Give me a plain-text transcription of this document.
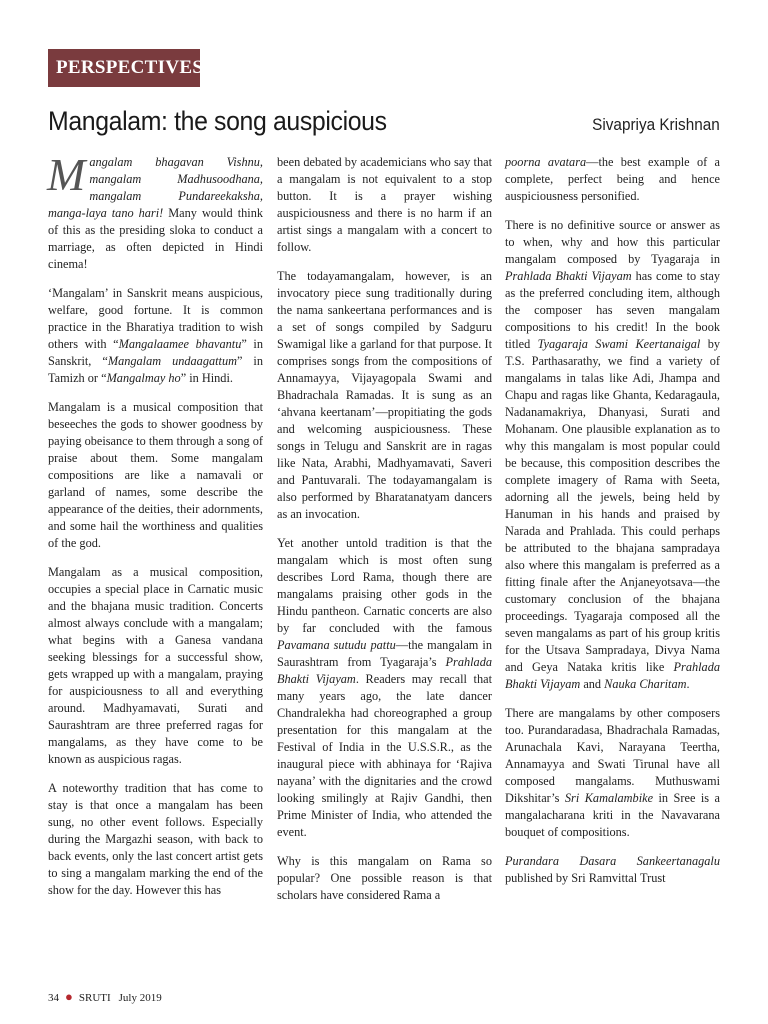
PERSPECTIVES
Mangalam: the song auspicious	Sivapriya Krishnan

Mangalam bhagavan Vishnu, mangalam Madhusoodhana, mangalam Pundareekaksha, manga-laya tano hari! Many would think of this as the presiding sloka to conduct a marriage, as often depicted in Hindi cinema!

‘Mangalam’ in Sanskrit means auspicious, welfare, good fortune. It is common practice in the Bharatiya tradition to wish others with “Mangalaamee bhavantu” in Sanskrit, “Mangalam undaagattum” in Tamizh or “Mangalmay ho” in Hindi.

Mangalam is a musical composition that beseeches the gods to shower goodness by paying obeisance to them through a song of praise about them. Some mangalam compositions are like a namavali or garland of names, some describe the appearance of the deities, their adornments, and some hail the worthiness and qualities of the god.

Mangalam as a musical composition, occupies a special place in Carnatic music and the bhajana music tradition. Concerts almost always conclude with a mangalam; what begins with a Ganesa vandana seeking blessings for a successful show, gets wrapped up with a mangalam, praying for auspiciousness to all and everything around. Madhyamavati, Surati and Saurashtram are three preferred ragas for mangalams, as they have come to be known as auspicious ragas.

A noteworthy tradition that has come to stay is that once a mangalam has been sung, no other event follows. Especially during the Margazhi season, with back to back events, only the last concert artist gets to sing a mangalam marking the end of the show for the day. However this has

been debated by academicians who say that a mangalam is not equivalent to a stop button. It is a prayer wishing auspiciousness and there is no harm if an artist sings a mangalam with a concert to follow.

The todayamangalam, however, is an invocatory piece sung traditionally during the nama sankeertana performances and is a set of songs compiled by Sadguru Swamigal like a garland for that purpose. It comprises songs from the compositions of Annamayya, Vijayagopala Swami and Bhadrachala Ramadas. It is sung as an ‘ahvana keertanam’—propitiating the gods and welcoming auspiciousness. These songs in Telugu and Sanskrit are in ragas like Nata, Arabhi, Madhyamavati, Saveri and Pantuvarali. The todayamangalam is also performed by Bharatanatyam dancers as an invocation.

Yet another untold tradition is that the mangalam which is most often sung describes Lord Rama, though there are mangalams praising other gods in the Hindu pantheon. Carnatic concerts are also by far concluded with the famous Pavamana sutudu pattu—the mangalam in Saurashtram from Tyagaraja’s Prahlada Bhakti Vijayam. Readers may recall that many years ago, the late dancer Chandralekha had choreographed a group presentation for this mangalam at the Festival of India in the U.S.S.R., as the inaugural piece with abhinaya for ‘Rajiva nayana’ with the dignitaries and the crowd looking smilingly at Rajiv Gandhi, then Prime Minister of India, who attended the event.

Why is this mangalam on Rama so popular? One possible reason is that scholars have considered Rama a

poorna avatara—the best example of a complete, perfect being and hence auspiciousness personified.

There is no definitive source or answer as to when, why and how this particular mangalam composed by Tyagaraja in Prahlada Bhakti Vijayam has come to stay as the preferred concluding item, although the composer has seven mangalam compositions to his credit! In the book titled Tyagaraja Swami Keertanaigal by T.S. Parthasarathy, we find a variety of mangalams in talas like Adi, Jhampa and Chapu and ragas like Ghanta, Kedaragaula, Nadanamakriya, Dhanyasi, Surati and Mohanam. One plausible explanation as to why this mangalam is most popular could be because, this composition describes the complete imagery of Rama with Seeta, adorning all the jewels, being held by Hanuman in his hands and praised by Narada and Prahlada. This could perhaps be attributed to the bhajana sampradaya also where this mangalam is preferred as a fitting finale after the Anjaneyotsava—the customary conclusion of the bhajana proceedings. Tyagaraja composed all the seven mangalams as part of his group kritis for the Utsava Sampradaya, Divya Nama and Geya Nataka kritis like Prahlada Bhakti Vijayam and Nauka Charitam.

There are mangalams by other composers too. Purandaradasa, Bhadrachala Ramadas, Arunachala Kavi, Narayana Teertha, Annamayya and Swati Tirunal have all composed mangalams. Muthuswami Dikshitar’s Sri Kamalambike in Sree is a mangalacharana kriti in the Navavarana bouquet of compositions.

Purandara Dasara Sankeertanagalu published by Sri Ramvittal Trust

34 ● SRUTI July 2019
